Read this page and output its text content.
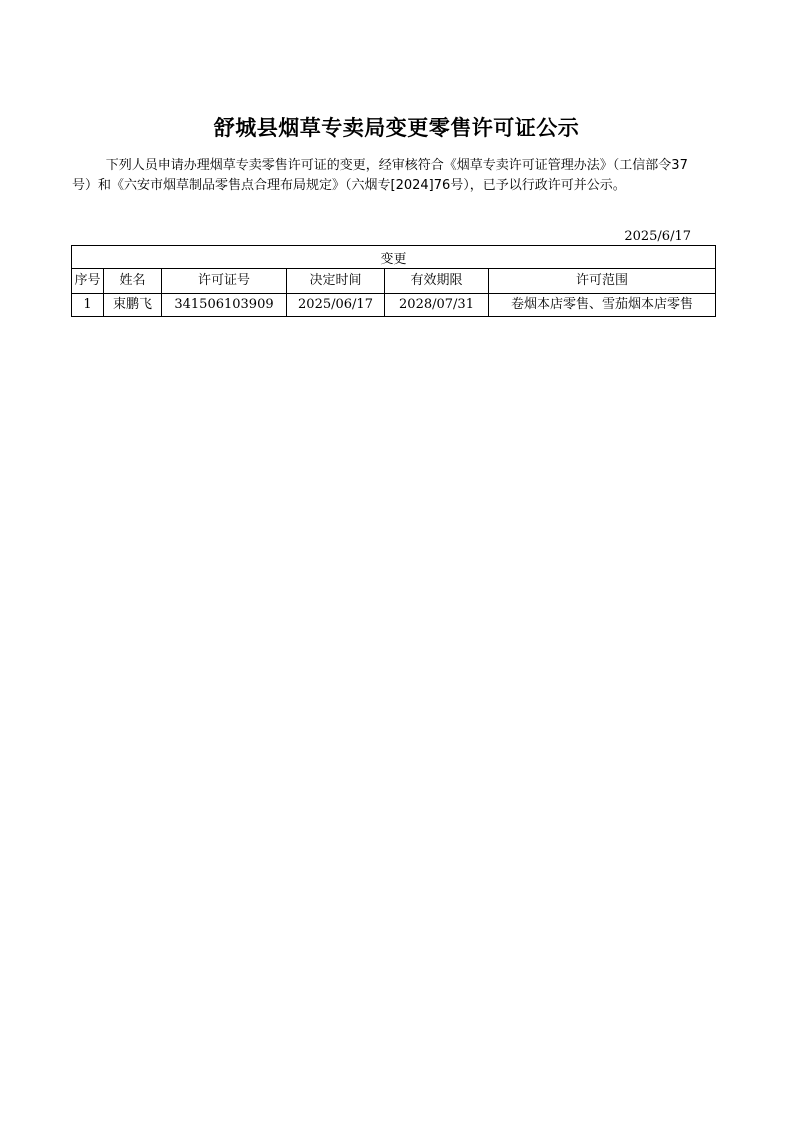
舒城县烟草专卖局变更零售许可证公示

下列人员申请办理烟草专卖零售许可证的变更，经审核符合《烟草专卖许可证管理办法》（工信部令37号）和《六安市烟草制品零售点合理布局规定》（六烟专[2024]76号），已予以行政许可并公示。

2025/6/17

变更					
序号	姓名	许可证号	决定时间	有效期限	许可范围
1	束鹏飞	341506103909	2025/06/17	2028/07/31	卷烟本店零售、雪茄烟本店零售
